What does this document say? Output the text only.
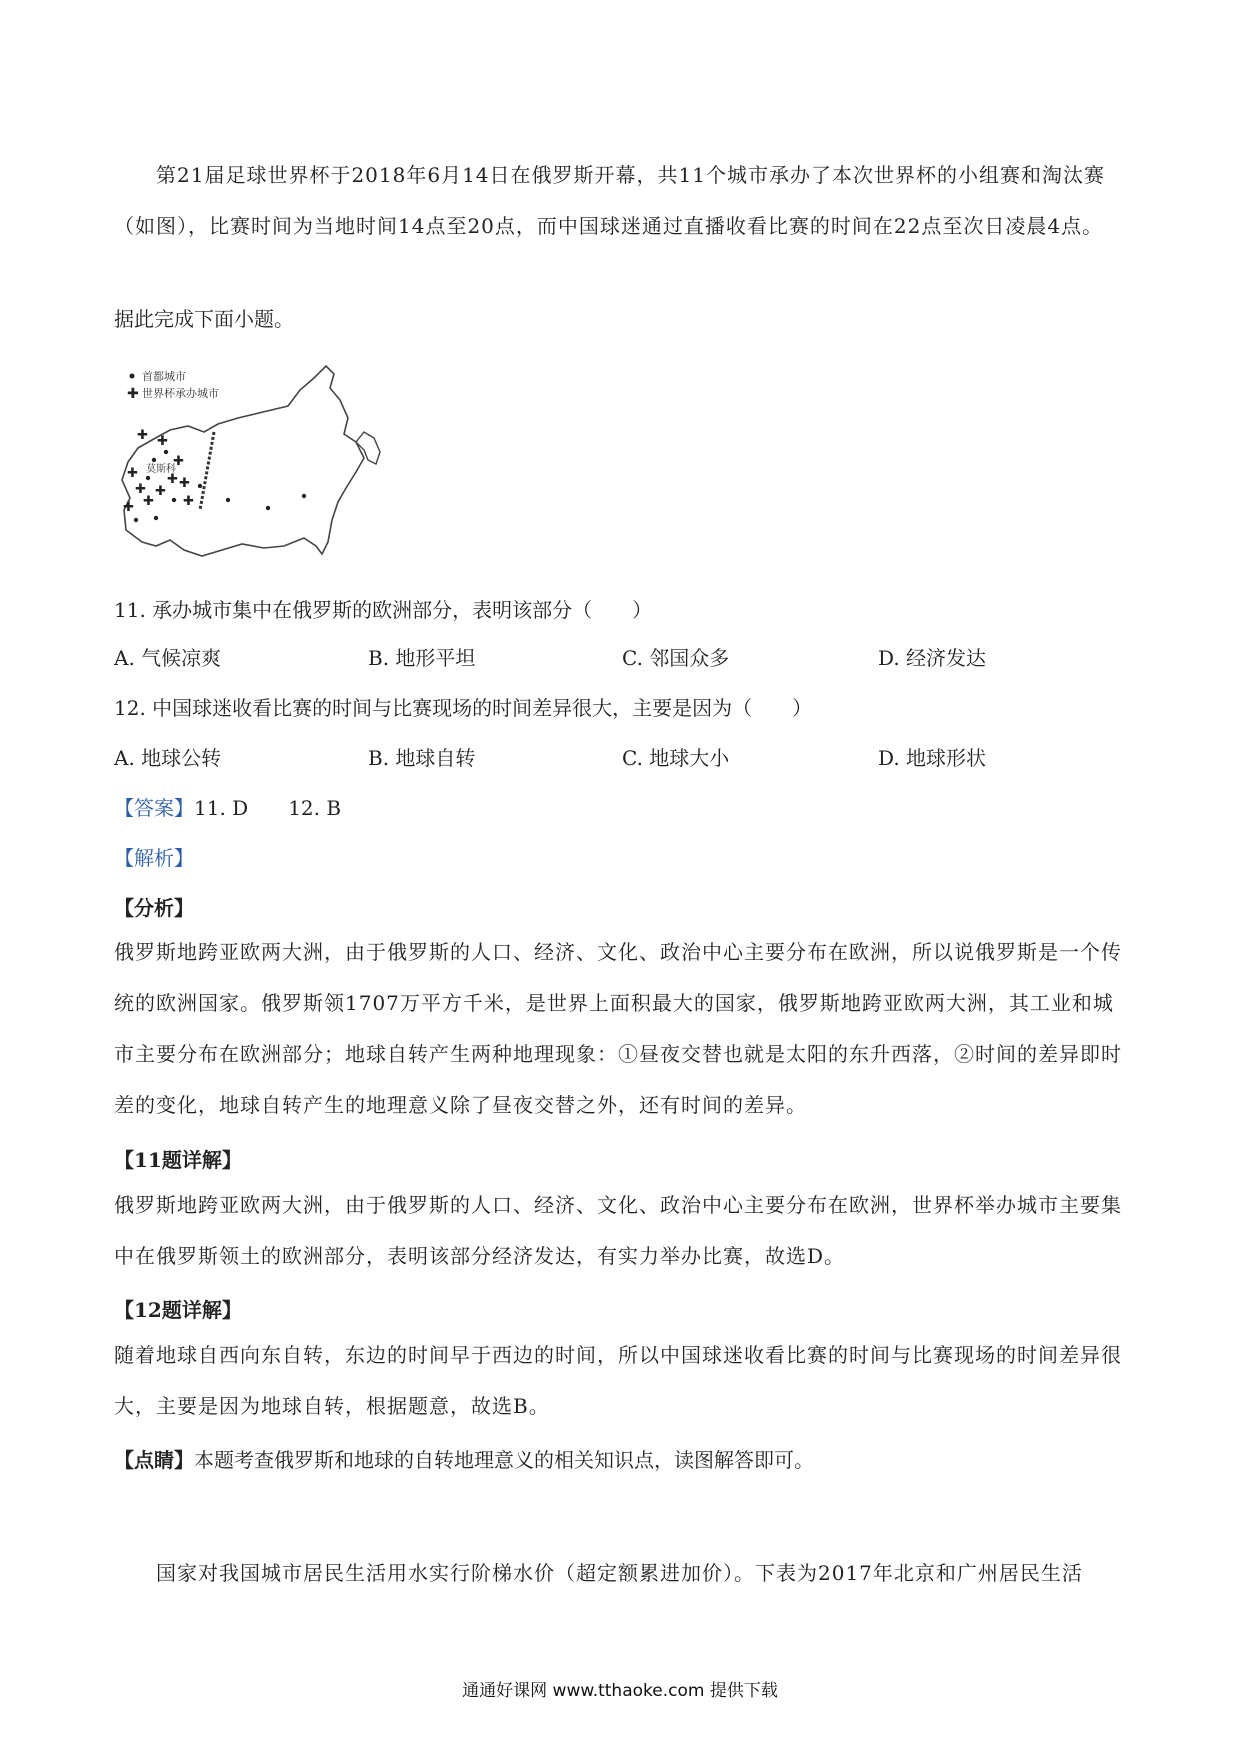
第21届足球世界杯于2018年6月14日在俄罗斯开幕，共11个城市承办了本次世界杯的小组赛和淘汰赛（如图），比赛时间为当地时间14点至20点，而中国球迷通过直播收看比赛的时间在22点至次日凌晨4点。

据此完成下面小题。

首都城市
✚ 世界杯承办城市
✚ ✚
✚
✚
✚ ✚
✚
✚
✚
✚
✚
莫斯科

11. 承办城市集中在俄罗斯的欧洲部分，表明该部分（　　）

A. 气候凉爽	B. 地形平坦	C. 邻国众多	D. 经济发达

12. 中国球迷收看比赛的时间与比赛现场的时间差异很大，主要是因为（　　）

A. 地球公转	B. 地球自转	C. 地球大小	D. 地球形状

【答案】11. D　　12. B

【解析】

【分析】

俄罗斯地跨亚欧两大洲，由于俄罗斯的人口、经济、文化、政治中心主要分布在欧洲，所以说俄罗斯是一个传统的欧洲国家。俄罗斯领1707万平方千米，是世界上面积最大的国家，俄罗斯地跨亚欧两大洲，其工业和城市主要分布在欧洲部分；地球自转产生两种地理现象：①昼夜交替也就是太阳的东升西落，②时间的差异即时差的变化，地球自转产生的地理意义除了昼夜交替之外，还有时间的差异。

【11题详解】

俄罗斯地跨亚欧两大洲，由于俄罗斯的人口、经济、文化、政治中心主要分布在欧洲，世界杯举办城市主要集中在俄罗斯领土的欧洲部分，表明该部分经济发达，有实力举办比赛，故选D。

【12题详解】

随着地球自西向东自转，东边的时间早于西边的时间，所以中国球迷收看比赛的时间与比赛现场的时间差异很大，主要是因为地球自转，根据题意，故选B。

【点睛】本题考查俄罗斯和地球的自转地理意义的相关知识点，读图解答即可。

国家对我国城市居民生活用水实行阶梯水价（超定额累进加价）。下表为2017年北京和广州居民生活

通通好课网 www.tthaoke.com 提供下载
